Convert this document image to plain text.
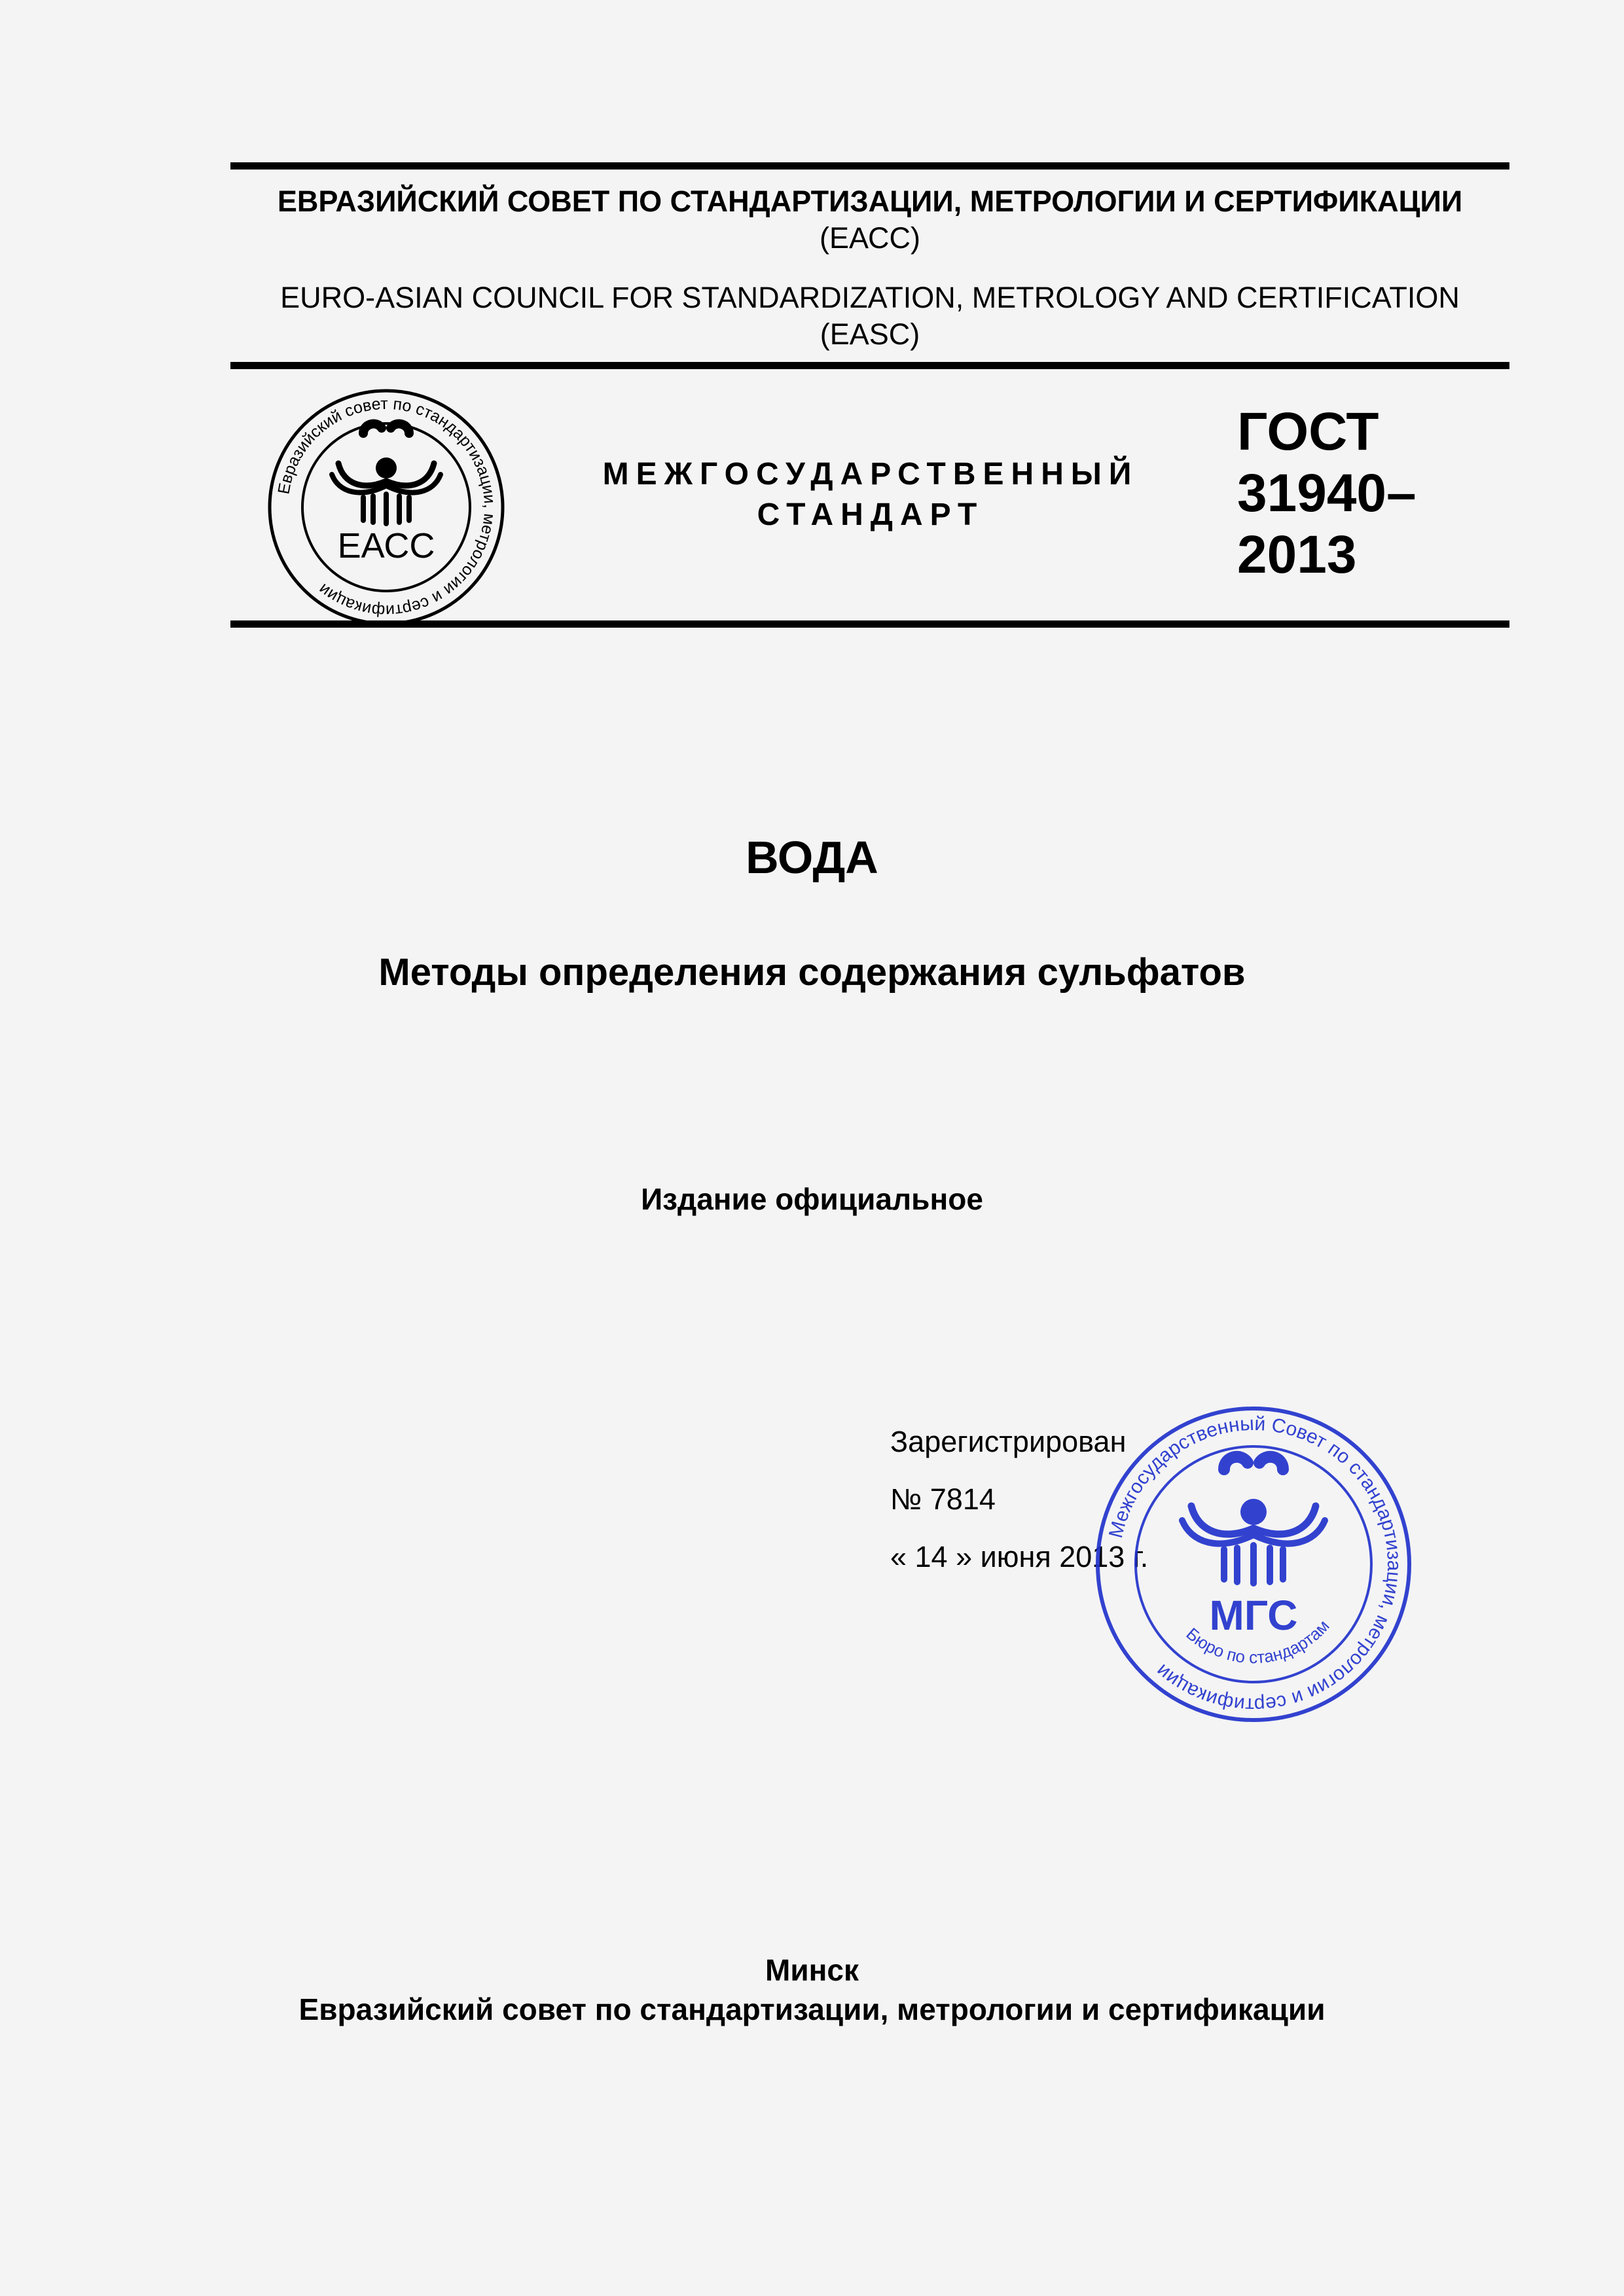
ЕВРАЗИЙСКИЙ СОВЕТ ПО СТАНДАРТИЗАЦИИ, МЕТРОЛОГИИ И СЕРТИФИКАЦИИ
(ЕАСС)
EURO-ASIAN COUNCIL FOR STANDARDIZATION, METROLOGY AND CERTIFICATION
(EASC)
Евразийский совет по стандартизации, метрологии и сертификации
ЕАСС
МЕЖГОСУДАРСТВЕННЫЙ
СТАНДАРТ
ГОСТ
31940–
2013
ВОДА
Методы определения содержания сульфатов
Издание официальное
Зарегистрирован
№ 7814
« 14 » июня 2013 г.
Межгосударственный Совет по стандартизации, метрологии и сертификации
Бюро по стандартам
МГС
Минск
Евразийский совет по стандартизации, метрологии и сертификации
